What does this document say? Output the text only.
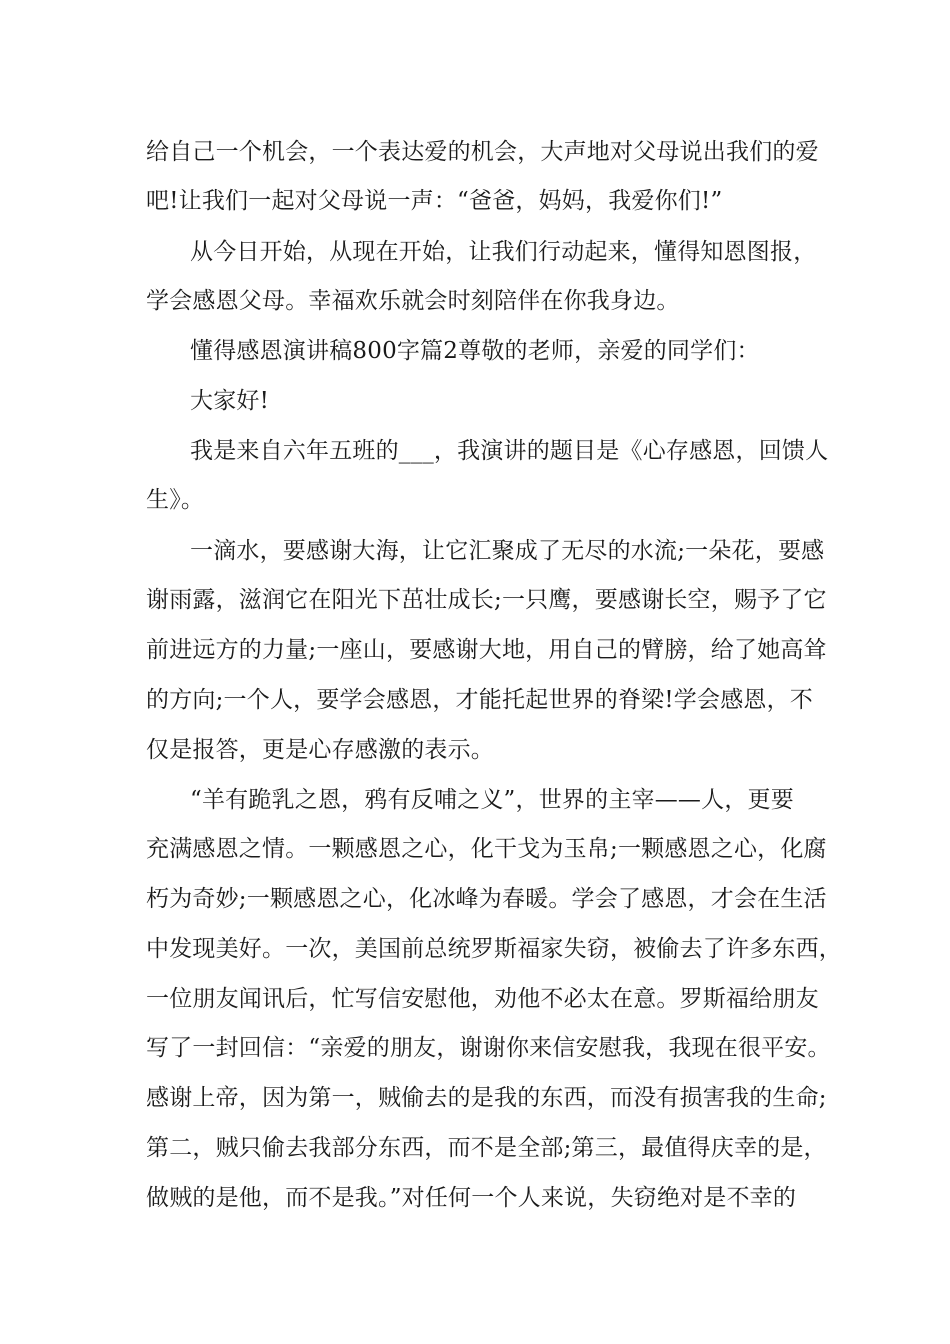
给自己一个机会，一个表达爱的机会，大声地对父母说出我们的爱
吧!让我们一起对父母说一声：“爸爸，妈妈，我爱你们!”
从今日开始，从现在开始，让我们行动起来，懂得知恩图报，
学会感恩父母。幸福欢乐就会时刻陪伴在你我身边。
懂得感恩演讲稿800字篇2尊敬的老师，亲爱的同学们：
大家好!
我是来自六年五班的___，我演讲的题目是《心存感恩，回馈人
生》。
一滴水，要感谢大海，让它汇聚成了无尽的水流;一朵花，要感
谢雨露，滋润它在阳光下茁壮成长;一只鹰，要感谢长空，赐予了它
前进远方的力量;一座山，要感谢大地，用自己的臂膀，给了她高耸
的方向;一个人，要学会感恩，才能托起世界的脊梁!学会感恩，不
仅是报答，更是心存感激的表示。
“羊有跪乳之恩，鸦有反哺之义”，世界的主宰——人，更要
充满感恩之情。一颗感恩之心，化干戈为玉帛;一颗感恩之心，化腐
朽为奇妙;一颗感恩之心，化冰峰为春暖。学会了感恩，才会在生活
中发现美好。一次，美国前总统罗斯福家失窃，被偷去了许多东西，
一位朋友闻讯后，忙写信安慰他，劝他不必太在意。罗斯福给朋友
写了一封回信：“亲爱的朋友，谢谢你来信安慰我，我现在很平安。
感谢上帝，因为第一，贼偷去的是我的东西，而没有损害我的生命;
第二，贼只偷去我部分东西，而不是全部;第三，最值得庆幸的是，
做贼的是他，而不是我。”对任何一个人来说，失窃绝对是不幸的
